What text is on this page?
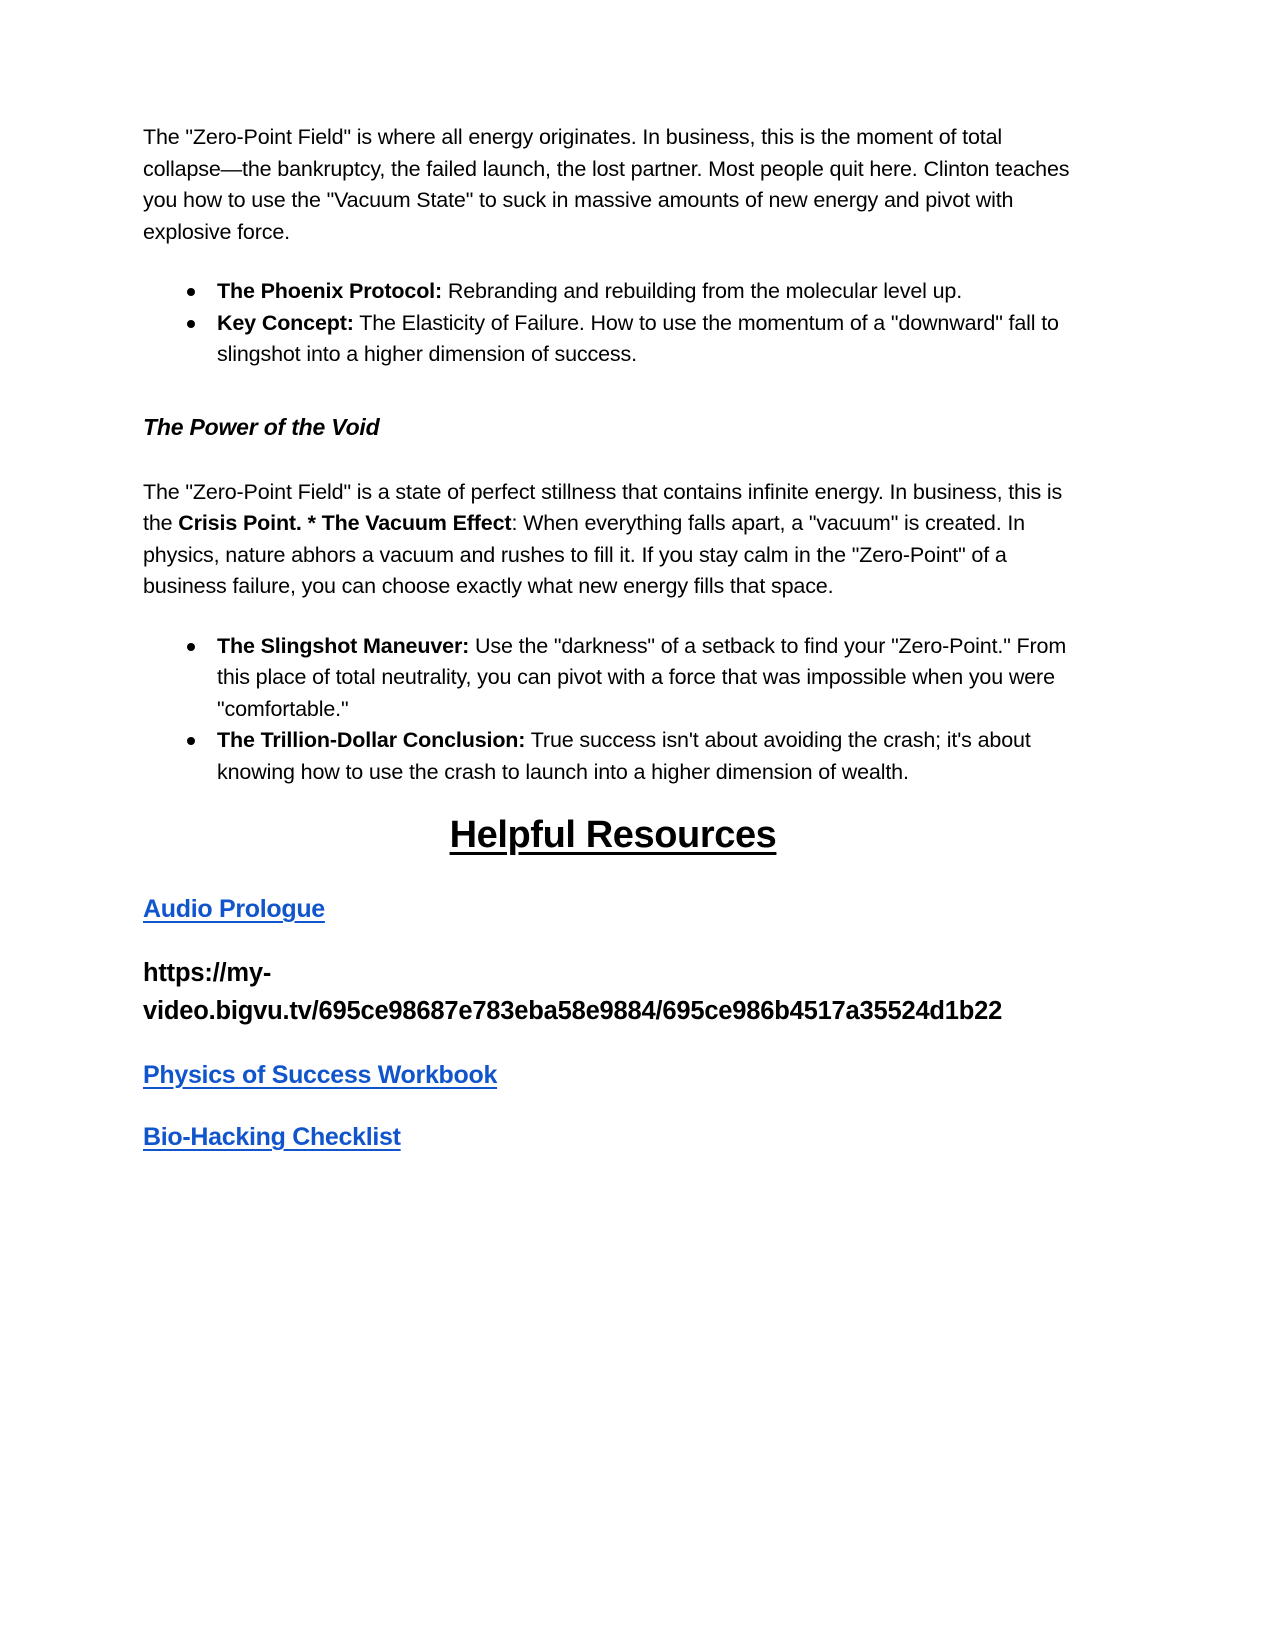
The "Zero-Point Field" is where all energy originates. In business, this is the moment of total collapse—the bankruptcy, the failed launch, the lost partner. Most people quit here. Clinton teaches you how to use the "Vacuum State" to suck in massive amounts of new energy and pivot with explosive force.

The Phoenix Protocol: Rebranding and rebuilding from the molecular level up.
Key Concept: The Elasticity of Failure. How to use the momentum of a "downward" fall to slingshot into a higher dimension of success.
The Power of the Void

The "Zero-Point Field" is a state of perfect stillness that contains infinite energy. In business, this is the Crisis Point. * The Vacuum Effect: When everything falls apart, a "vacuum" is created. In physics, nature abhors a vacuum and rushes to fill it. If you stay calm in the "Zero-Point" of a business failure, you can choose exactly what new energy fills that space.

The Slingshot Maneuver: Use the "darkness" of a setback to find your "Zero-Point." From this place of total neutrality, you can pivot with a force that was impossible when you were "comfortable."
The Trillion-Dollar Conclusion: True success isn't about avoiding the crash; it's about knowing how to use the crash to launch into a higher dimension of wealth.
Helpful Resources
Audio Prologue

https://my-video.bigvu.tv/695ce98687e783eba58e9884/695ce986b4517a35524d1b22

Physics of Success Workbook
Bio-Hacking Checklist
